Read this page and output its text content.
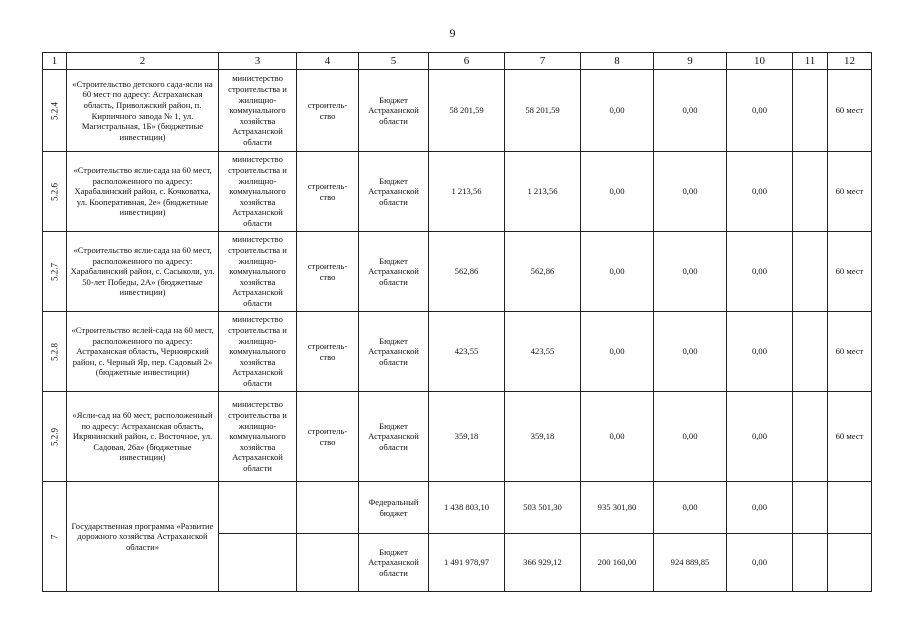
9
1	2	3	4	5	6	7	8	9	10	11	12

5.2.4	«Строительство детского сада-ясли на 60 мест по адресу: Астраханская область, Приволжский район, п. Кирпичного завода № 1, ул. Магистральная, 1Б» (бюджетные инвестиции)	министерство строительства и жилищно-коммунального хозяйства Астраханской области	строитель-ство	Бюджет Астраханской области	58 201,59	58 201,59	0,00	0,00	0,00		60 мест

5.2.6	«Строительство ясли-сада на 60 мест, расположенного по адресу: Харабалинский район, с. Кочковатка, ул. Кооперативная, 2е» (бюджетные инвестиции)	министерство строительства и жилищно-коммунального хозяйства Астраханской области	строитель-ство	Бюджет Астраханской области	1 213,56	1 213,56	0,00	0,00	0,00		60 мест

5.2.7	«Строительство ясли-сада на 60 мест, расположенного по адресу: Харабалинский район, с. Сасыколи, ул. 50-лет Победы, 2А» (бюджетные инвестиции)	министерство строительства и жилищно-коммунального хозяйства Астраханской области	строитель-ство	Бюджет Астраханской области	562,86	562,86	0,00	0,00	0,00		60 мест

5.2.8	«Строительство яслей-сада на 60 мест, расположенного по адресу: Астраханская область, Черноярский район, с. Черный Яр, пер. Садовый 2» (бюджетные инвестиции)	министерство строительства и жилищно-коммунального хозяйства Астраханской области	строитель-ство	Бюджет Астраханской области	423,55	423,55	0,00	0,00	0,00		60 мест

5.2.9	«Ясли-сад на 60 мест, расположенный по адресу: Астраханская область, Икрянинский район, с. Восточное, ул. Садовая, 26а» (бюджетные инвестиции)	министерство строительства и жилищно-коммунального хозяйства Астраханской области	строитель-ство	Бюджет Астраханской области	359,18	359,18	0,00	0,00	0,00		60 мест

7	Государственная программа «Развитие дорожного хозяйства Астраханской области»			Федеральный бюджет	1 438 803,10	503 501,30	935 301,80	0,00	0,00		
				Бюджет Астраханской области	1 491 978,97	366 929,12	200 160,00	924 889,85	0,00		
